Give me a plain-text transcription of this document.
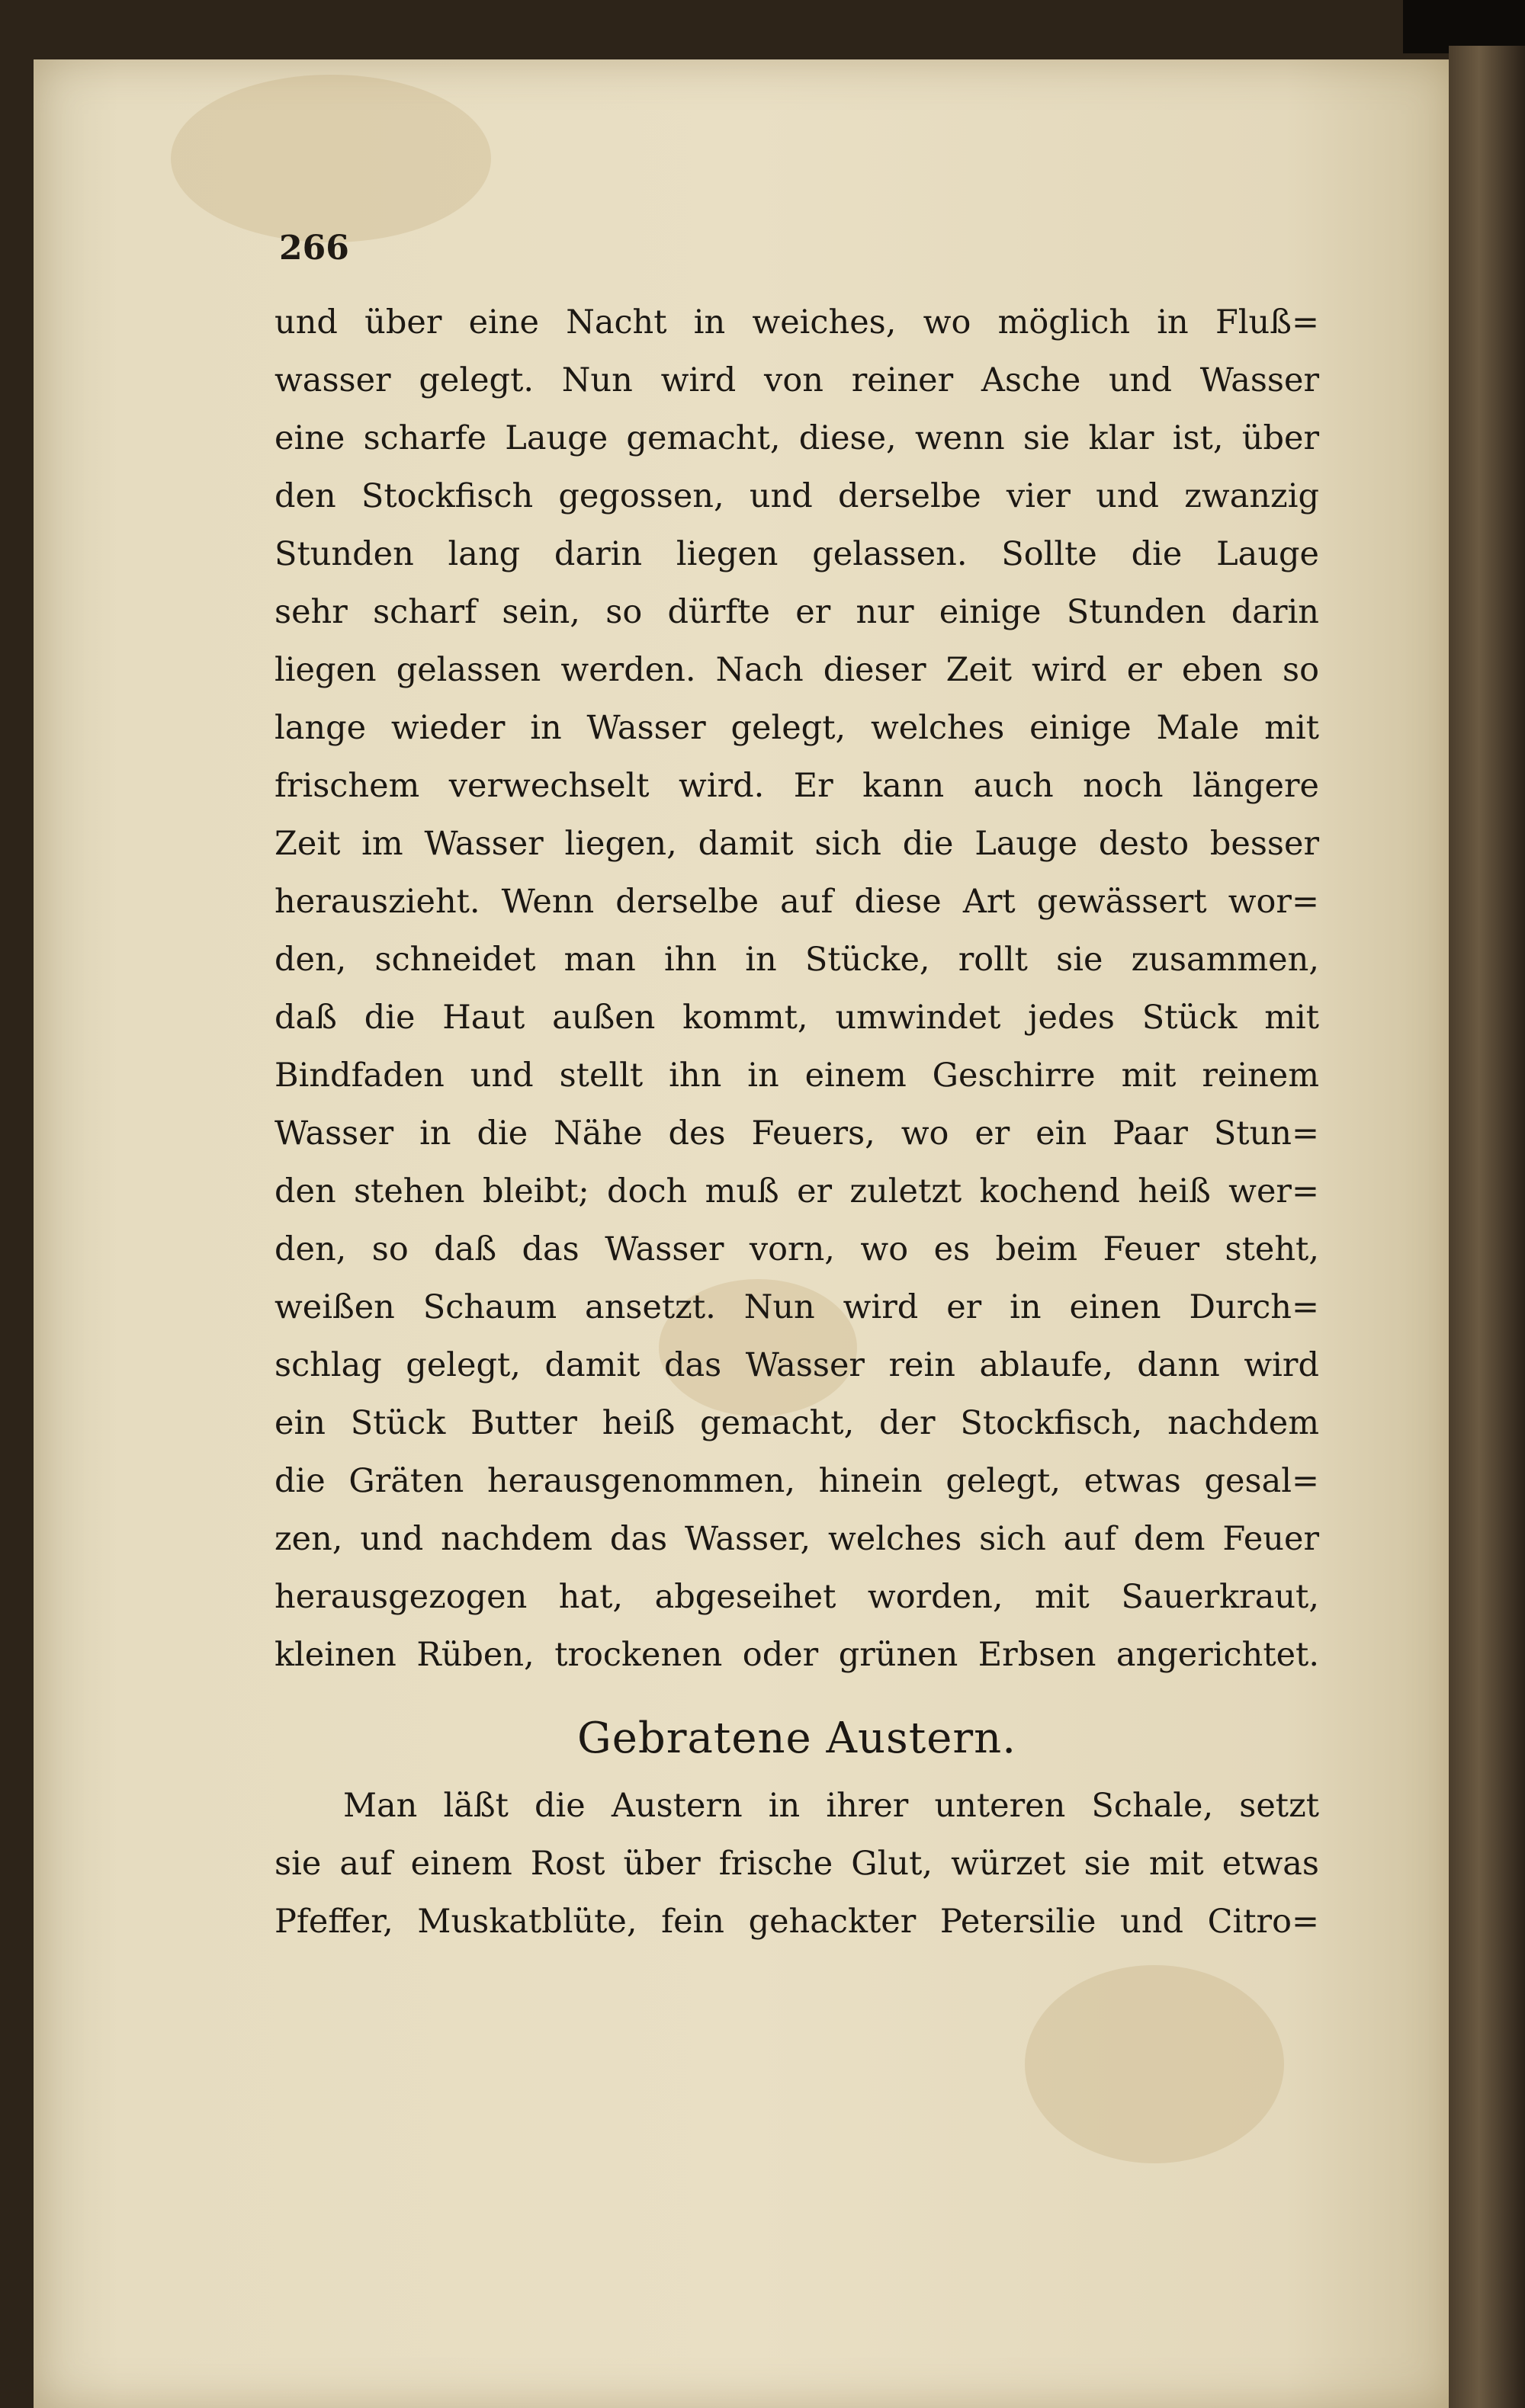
266
und über eine Nacht in weiches, wo möglich in Fluß=
wasser gelegt. Nun wird von reiner Asche und Wasser
eine scharfe Lauge gemacht, diese, wenn sie klar ist, über
den Stockfisch gegossen, und derselbe vier und zwanzig
Stunden lang darin liegen gelassen. Sollte die Lauge
sehr scharf sein, so dürfte er nur einige Stunden darin
liegen gelassen werden. Nach dieser Zeit wird er eben so
lange wieder in Wasser gelegt, welches einige Male mit
frischem verwechselt wird. Er kann auch noch längere
Zeit im Wasser liegen, damit sich die Lauge desto besser
herauszieht. Wenn derselbe auf diese Art gewässert wor=
den, schneidet man ihn in Stücke, rollt sie zusammen,
daß die Haut außen kommt, umwindet jedes Stück mit
Bindfaden und stellt ihn in einem Geschirre mit reinem
Wasser in die Nähe des Feuers, wo er ein Paar Stun=
den stehen bleibt; doch muß er zuletzt kochend heiß wer=
den, so daß das Wasser vorn, wo es beim Feuer steht,
weißen Schaum ansetzt. Nun wird er in einen Durch=
schlag gelegt, damit das Wasser rein ablaufe, dann wird
ein Stück Butter heiß gemacht, der Stockfisch, nachdem
die Gräten herausgenommen, hinein gelegt, etwas gesal=
zen, und nachdem das Wasser, welches sich auf dem Feuer
herausgezogen hat, abgeseihet worden, mit Sauerkraut,
kleinen Rüben, trockenen oder grünen Erbsen angerichtet.
Gebratene Austern.
Man läßt die Austern in ihrer unteren Schale, setzt
sie auf einem Rost über frische Glut, würzet sie mit etwas
Pfeffer, Muskatblüte, fein gehackter Petersilie und Citro=
